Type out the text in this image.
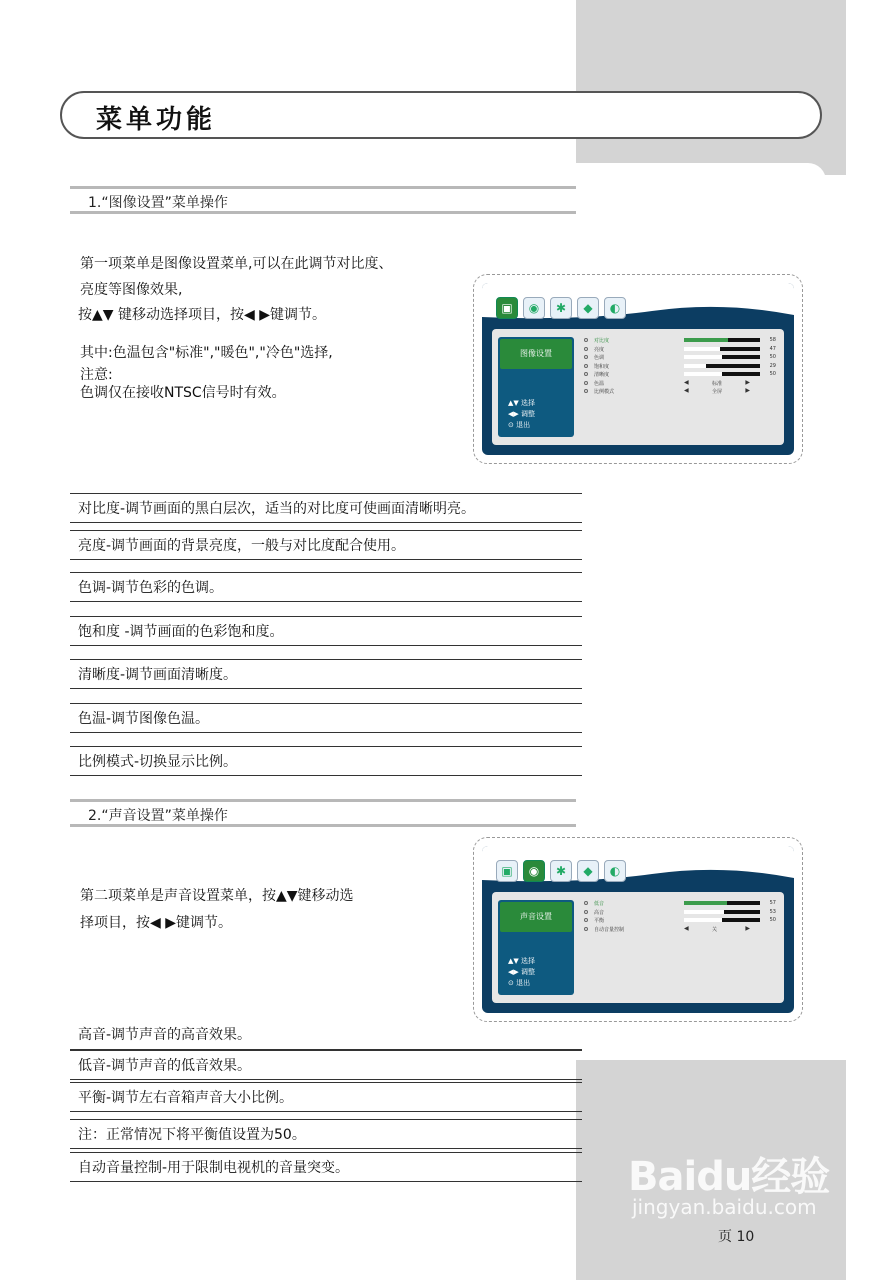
菜单功能
1.“图像设置”菜单操作
第一项菜单是图像设置菜单,可以在此调节对比度、
亮度等图像效果,
按▲▼ 键移动选择项目，按◀ ▶键调节。
其中:色温包含"标准","暖色","冷色"选择,
注意:
色调仅在接收NTSC信号时有效。
▣	◉	✱	◆	◐
图像设置
▲▼ 选择
◀▶ 调整
⊙ 退出
对比度	58
亮度	47
色调	50
饱和度	29
清晰度	50
色温	◀	标准	▶
比例模式	◀	全屏	▶
对比度-调节画面的黑白层次，适当的对比度可使画面清晰明亮。
亮度-调节画面的背景亮度，一般与对比度配合使用。
色调-调节色彩的色调。
饱和度 -调节画面的色彩饱和度。
清晰度-调节画面清晰度。
色温-调节图像色温。
比例模式-切换显示比例。
2.“声音设置”菜单操作
第二项菜单是声音设置菜单，按▲▼键移动选
择项目，按◀ ▶键调节。
▣	◉	✱	◆	◐
声音设置
▲▼ 选择
◀▶ 调整
⊙ 退出
低音	57
高音	53
平衡	50
自动音量控制	◀	关	▶
高音-调节声音的高音效果。
低音-调节声音的低音效果。
平衡-调节左右音箱声音大小比例。
注：正常情况下将平衡值设置为50。
自动音量控制-用于限制电视机的音量突变。	Baidu经验
jingyan.baidu.com
页 10
